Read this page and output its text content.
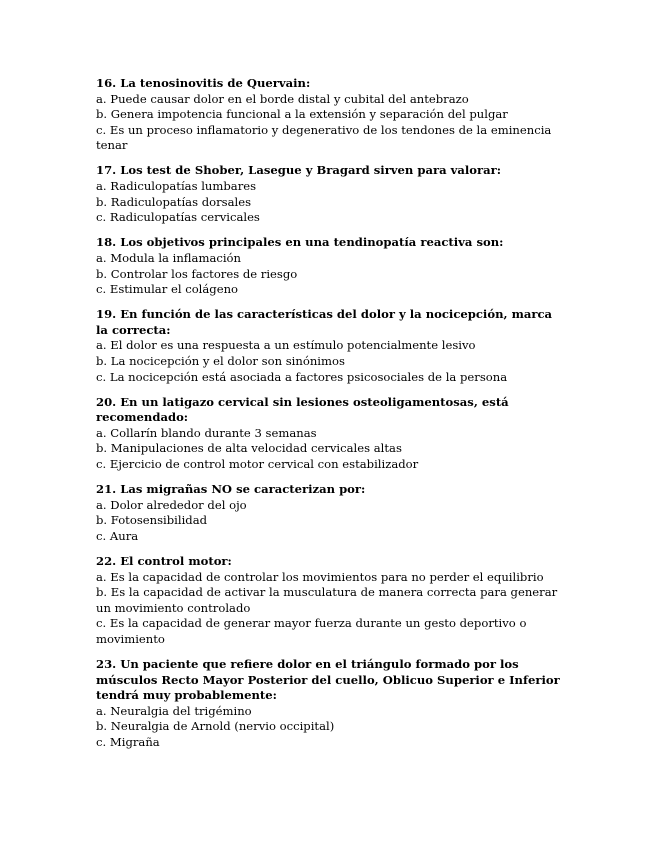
16. La tenosinovitis de Quervain:
a. Puede causar dolor en el borde distal y cubital del antebrazo
b. Genera impotencia funcional a la extensión y separación del pulgar
c. Es un proceso inflamatorio y degenerativo de los tendones de la eminencia tenar
17. Los test de Shober, Lasegue y Bragard sirven para valorar:
a. Radiculopatías lumbares
b. Radiculopatías dorsales
c. Radiculopatías cervicales
18. Los objetivos principales en una tendinopatía reactiva son:
a. Modula la inflamación
b. Controlar los factores de riesgo
c. Estimular el colágeno
19. En función de las características del dolor y la nocicepción, marca la correcta:
a. El dolor es una respuesta a un estímulo potencialmente lesivo
b. La nocicepción y el dolor son sinónimos
c. La nocicepción está asociada a factores psicosociales de la persona
20. En un latigazo cervical sin lesiones osteoligamentosas, está recomendado:
a. Collarín blando durante 3 semanas
b. Manipulaciones de alta velocidad cervicales altas
c. Ejercicio de control motor cervical con estabilizador
21. Las migrañas NO se caracterizan por:
a. Dolor alrededor del ojo
b. Fotosensibilidad
c. Aura
22. El control motor:
a. Es la capacidad de controlar los movimientos para no perder el equilibrio
b. Es la capacidad de activar la musculatura de manera correcta para generar un movimiento controlado
c. Es la capacidad de generar mayor fuerza durante un gesto deportivo o movimiento
23. Un paciente que refiere dolor en el triángulo formado por los músculos Recto Mayor Posterior del cuello, Oblicuo Superior e Inferior tendrá muy probablemente:
a. Neuralgia del trigémino
b. Neuralgia de Arnold (nervio occipital)
c. Migraña
